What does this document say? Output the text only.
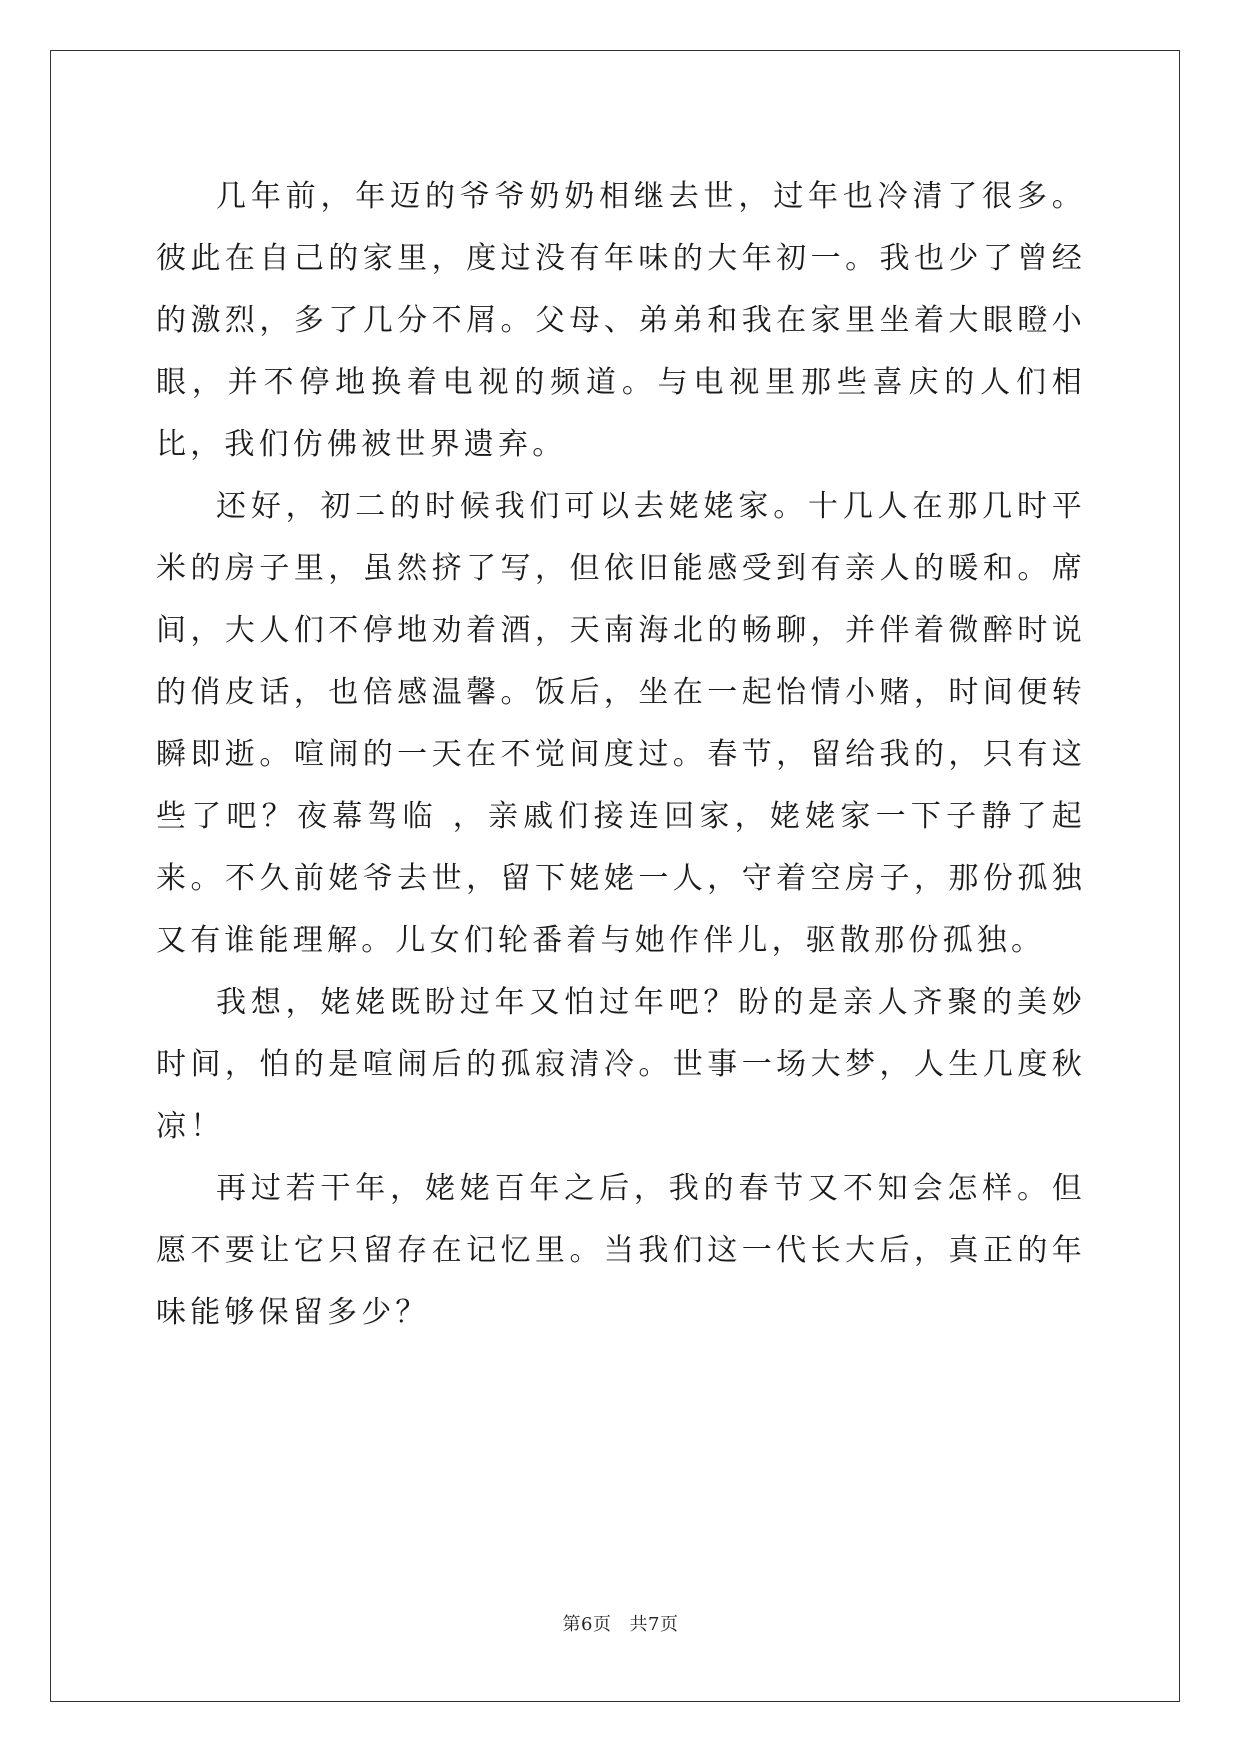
几年前，年迈的爷爷奶奶相继去世，过年也冷清了很多。彼此在自己的家里，度过没有年味的大年初一。我也少了曾经的激烈，多了几分不屑。父母、弟弟和我在家里坐着大眼瞪小眼，并不停地换着电视的频道。与电视里那些喜庆的人们相比，我们仿佛被世界遗弃。

还好，初二的时候我们可以去姥姥家。十几人在那几时平米的房子里，虽然挤了写，但依旧能感受到有亲人的暖和。席间，大人们不停地劝着酒，天南海北的畅聊，并伴着微醉时说的俏皮话，也倍感温馨。饭后，坐在一起怡情小赌，时间便转瞬即逝。喧闹的一天在不觉间度过。春节，留给我的，只有这些了吧？夜幕驾临 ，亲戚们接连回家，姥姥家一下子静了起来。不久前姥爷去世，留下姥姥一人，守着空房子，那份孤独又有谁能理解。儿女们轮番着与她作伴儿，驱散那份孤独。

我想，姥姥既盼过年又怕过年吧？盼的是亲人齐聚的美妙时间，怕的是喧闹后的孤寂清冷。世事一场大梦，人生几度秋凉！

再过若干年，姥姥百年之后，我的春节又不知会怎样。但愿不要让它只留存在记忆里。当我们这一代长大后，真正的年味能够保留多少？

第6页 共7页
